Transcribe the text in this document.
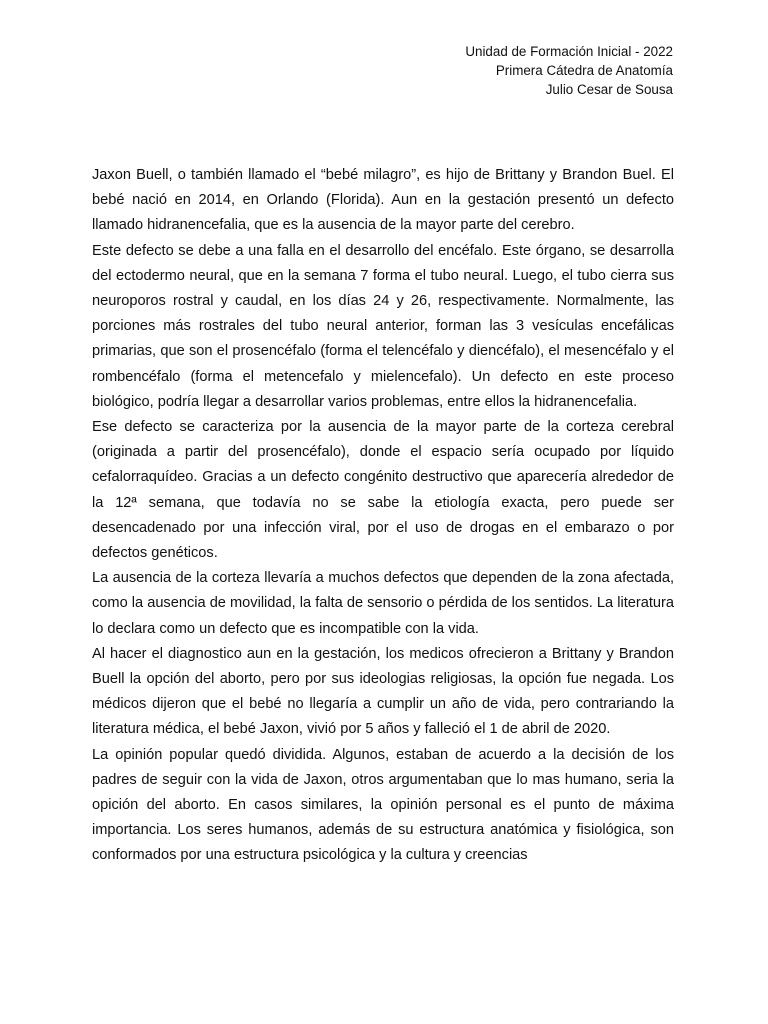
Unidad de Formación Inicial - 2022
Primera Cátedra de Anatomía
Julio Cesar de Sousa

Jaxon Buell, o también llamado el “bebé milagro”, es hijo de Brittany y Brandon Buel. El bebé nació en 2014, en Orlando (Florida). Aun en la gestación presentó un defecto llamado hidranencefalia, que es la ausencia de la mayor parte del cerebro.

Este defecto se debe a una falla en el desarrollo del encéfalo. Este órgano, se desarrolla del ectodermo neural, que en la semana 7 forma el tubo neural. Luego, el tubo cierra sus neuroporos rostral y caudal, en los días 24 y 26, respectivamente. Normalmente, las porciones más rostrales del tubo neural anterior, forman las 3 vesículas encefálicas primarias, que son el prosencéfalo (forma el telencéfalo y diencéfalo), el mesencéfalo y el rombencéfalo (forma el metencefalo y mielencefalo). Un defecto en este proceso biológico, podría llegar a desarrollar varios problemas, entre ellos la hidranencefalia.

Ese defecto se caracteriza por la ausencia de la mayor parte de la corteza cerebral (originada a partir del prosencéfalo), donde el espacio sería ocupado por líquido cefalorraquídeo. Gracias a un defecto congénito destructivo que aparecería alrededor de la 12ª semana, que todavía no se sabe la etiología exacta, pero puede ser desencadenado por una infección viral, por el uso de drogas en el embarazo o por defectos genéticos.

La ausencia de la corteza llevaría a muchos defectos que dependen de la zona afectada, como la ausencia de movilidad, la falta de sensorio o pérdida de los sentidos. La literatura lo declara como un defecto que es incompatible con la vida.

Al hacer el diagnostico aun en la gestación, los medicos ofrecieron a Brittany y Brandon Buell la opción del aborto, pero por sus ideologias religiosas, la opción fue negada. Los médicos dijeron que el bebé no llegaría a cumplir un año de vida, pero contrariando la literatura médica, el bebé Jaxon, vivió por 5 años y falleció el 1 de abril de 2020.

La opinión popular quedó dividida. Algunos, estaban de acuerdo a la decisión de los padres de seguir con la vida de Jaxon, otros argumentaban que lo mas humano, seria la opición del aborto. En casos similares, la opinión personal es el punto de máxima importancia. Los seres humanos, además de su estructura anatómica y fisiológica, son conformados por una estructura psicológica y la cultura y creencias
